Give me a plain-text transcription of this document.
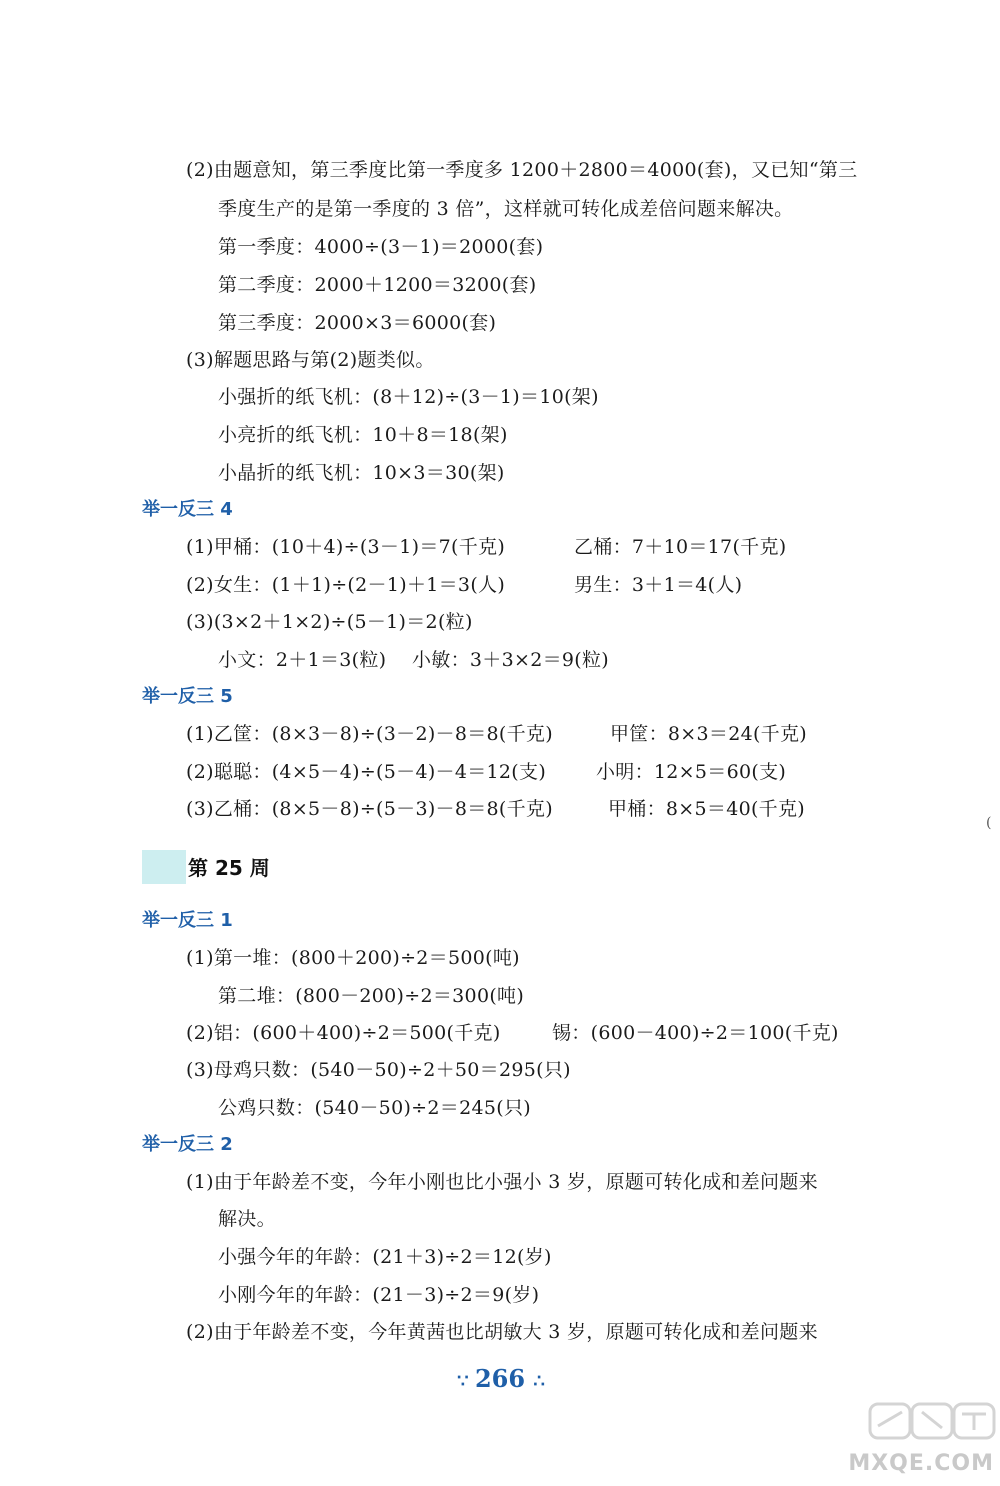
(2)由题意知，第三季度比第一季度多 1200＋2800＝4000(套)，又已知“第三
季度生产的是第一季度的 3 倍”，这样就可转化成差倍问题来解决。
第一季度：4000÷(3－1)＝2000(套)
第二季度：2000＋1200＝3200(套)
第三季度：2000×3＝6000(套)
(3)解题思路与第(2)题类似。
小强折的纸飞机：(8＋12)÷(3－1)＝10(架)
小亮折的纸飞机：10＋8＝18(架)
小晶折的纸飞机：10×3＝30(架)
举一反三 4
(1)甲桶：(10＋4)÷(3－1)＝7(千克)	乙桶：7＋10＝17(千克)
(2)女生：(1＋1)÷(2－1)＋1＝3(人)	男生：3＋1＝4(人)
(3)(3×2＋1×2)÷(5－1)＝2(粒)
小文：2＋1＝3(粒) 小敏：3＋3×2＝9(粒)
举一反三 5
(1)乙筐：(8×3－8)÷(3－2)－8＝8(千克)	甲筐：8×3＝24(千克)
(2)聪聪：(4×5－4)÷(5－4)－4＝12(支)	小明：12×5＝60(支)
(3)乙桶：(8×5－8)÷(5－3)－8＝8(千克)	甲桶：8×5＝40(千克)
第 25 周
举一反三 1
(1)第一堆：(800＋200)÷2＝500(吨)
第二堆：(800－200)÷2＝300(吨)
(2)铝：(600＋400)÷2＝500(千克)	锡：(600－400)÷2＝100(千克)
(3)母鸡只数：(540－50)÷2＋50＝295(只)
公鸡只数：(540－50)÷2＝245(只)
举一反三 2
(1)由于年龄差不变，今年小刚也比小强小 3 岁，原题可转化成和差问题来
解决。
小强今年的年龄：(21＋3)÷2＝12(岁)
小刚今年的年龄：(21－3)÷2＝9(岁)
(2)由于年龄差不变，今年黄茜也比胡敏大 3 岁，原题可转化成和差问题来
∵ 266 ∴
(
MXQE.COM
